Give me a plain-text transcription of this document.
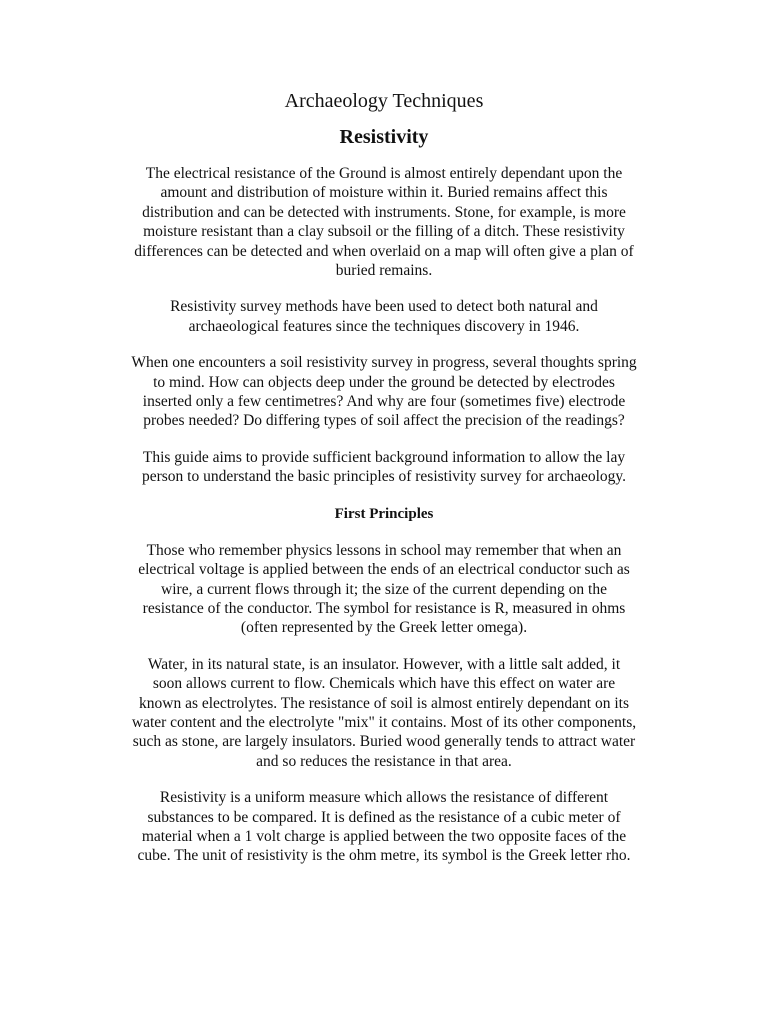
Archaeology Techniques
Resistivity

The electrical resistance of the Ground is almost entirely dependant upon the
amount and distribution of moisture within it. Buried remains affect this
distribution and can be detected with instruments. Stone, for example, is more
moisture resistant than a clay subsoil or the filling of a ditch. These resistivity
differences can be detected and when overlaid on a map will often give a plan of
buried remains.

Resistivity survey methods have been used to detect both natural and
archaeological features since the techniques discovery in 1946.

When one encounters a soil resistivity survey in progress, several thoughts spring
to mind. How can objects deep under the ground be detected by electrodes
inserted only a few centimetres? And why are four (sometimes five) electrode
probes needed? Do differing types of soil affect the precision of the readings?

This guide aims to provide sufficient background information to allow the lay
person to understand the basic principles of resistivity survey for archaeology.

First Principles

Those who remember physics lessons in school may remember that when an
electrical voltage is applied between the ends of an electrical conductor such as
wire, a current flows through it; the size of the current depending on the
resistance of the conductor. The symbol for resistance is R, measured in ohms
(often represented by the Greek letter omega).

Water, in its natural state, is an insulator. However, with a little salt added, it
soon allows current to flow. Chemicals which have this effect on water are
known as electrolytes. The resistance of soil is almost entirely dependant on its
water content and the electrolyte "mix" it contains. Most of its other components,
such as stone, are largely insulators. Buried wood generally tends to attract water
and so reduces the resistance in that area.

Resistivity is a uniform measure which allows the resistance of different
substances to be compared. It is defined as the resistance of a cubic meter of
material when a 1 volt charge is applied between the two opposite faces of the
cube. The unit of resistivity is the ohm metre, its symbol is the Greek letter rho.
